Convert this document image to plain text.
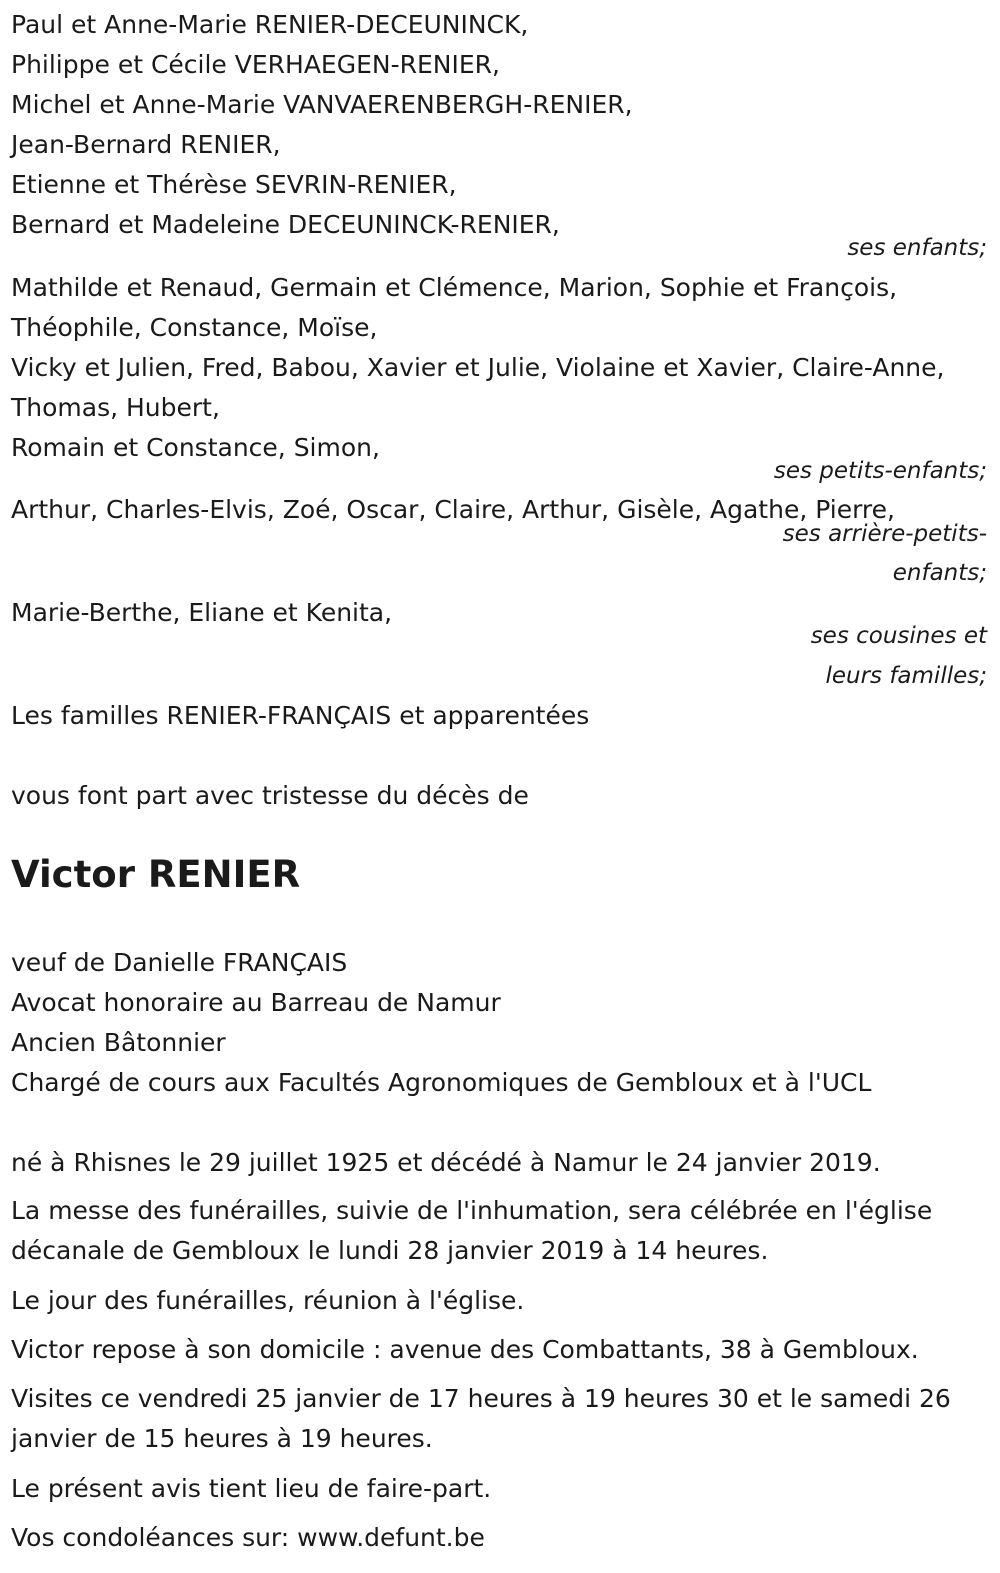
Paul et Anne-Marie RENIER-DECEUNINCK,
Philippe et Cécile VERHAEGEN-RENIER,
Michel et Anne-Marie VANVAERENBERGH-RENIER,
Jean-Bernard RENIER,
Etienne et Thérèse SEVRIN-RENIER,
Bernard et Madeleine DECEUNINCK-RENIER,
ses enfants;
Mathilde et Renaud, Germain et Clémence, Marion, Sophie et François,
Théophile, Constance, Moïse,
Vicky et Julien, Fred, Babou, Xavier et Julie, Violaine et Xavier, Claire-Anne,
Thomas, Hubert,
Romain et Constance, Simon,
ses petits-enfants;
Arthur, Charles-Elvis, Zoé, Oscar, Claire, Arthur, Gisèle, Agathe, Pierre,
ses arrière-petits-
enfants;
Marie-Berthe, Eliane et Kenita,
ses cousines et
leurs familles;
Les familles RENIER-FRANÇAIS et apparentées
vous font part avec tristesse du décès de
Victor RENIER
veuf de Danielle FRANÇAIS
Avocat honoraire au Barreau de Namur
Ancien Bâtonnier
Chargé de cours aux Facultés Agronomiques de Gembloux et à l'UCL
né à Rhisnes le 29 juillet 1925 et décédé à Namur le 24 janvier 2019.
La messe des funérailles, suivie de l'inhumation, sera célébrée en l'église
décanale de Gembloux le lundi 28 janvier 2019 à 14 heures.
Le jour des funérailles, réunion à l'église.
Victor repose à son domicile : avenue des Combattants, 38 à Gembloux.
Visites ce vendredi 25 janvier de 17 heures à 19 heures 30 et le samedi 26
janvier de 15 heures à 19 heures.
Le présent avis tient lieu de faire-part.
Vos condoléances sur: www.defunt.be
